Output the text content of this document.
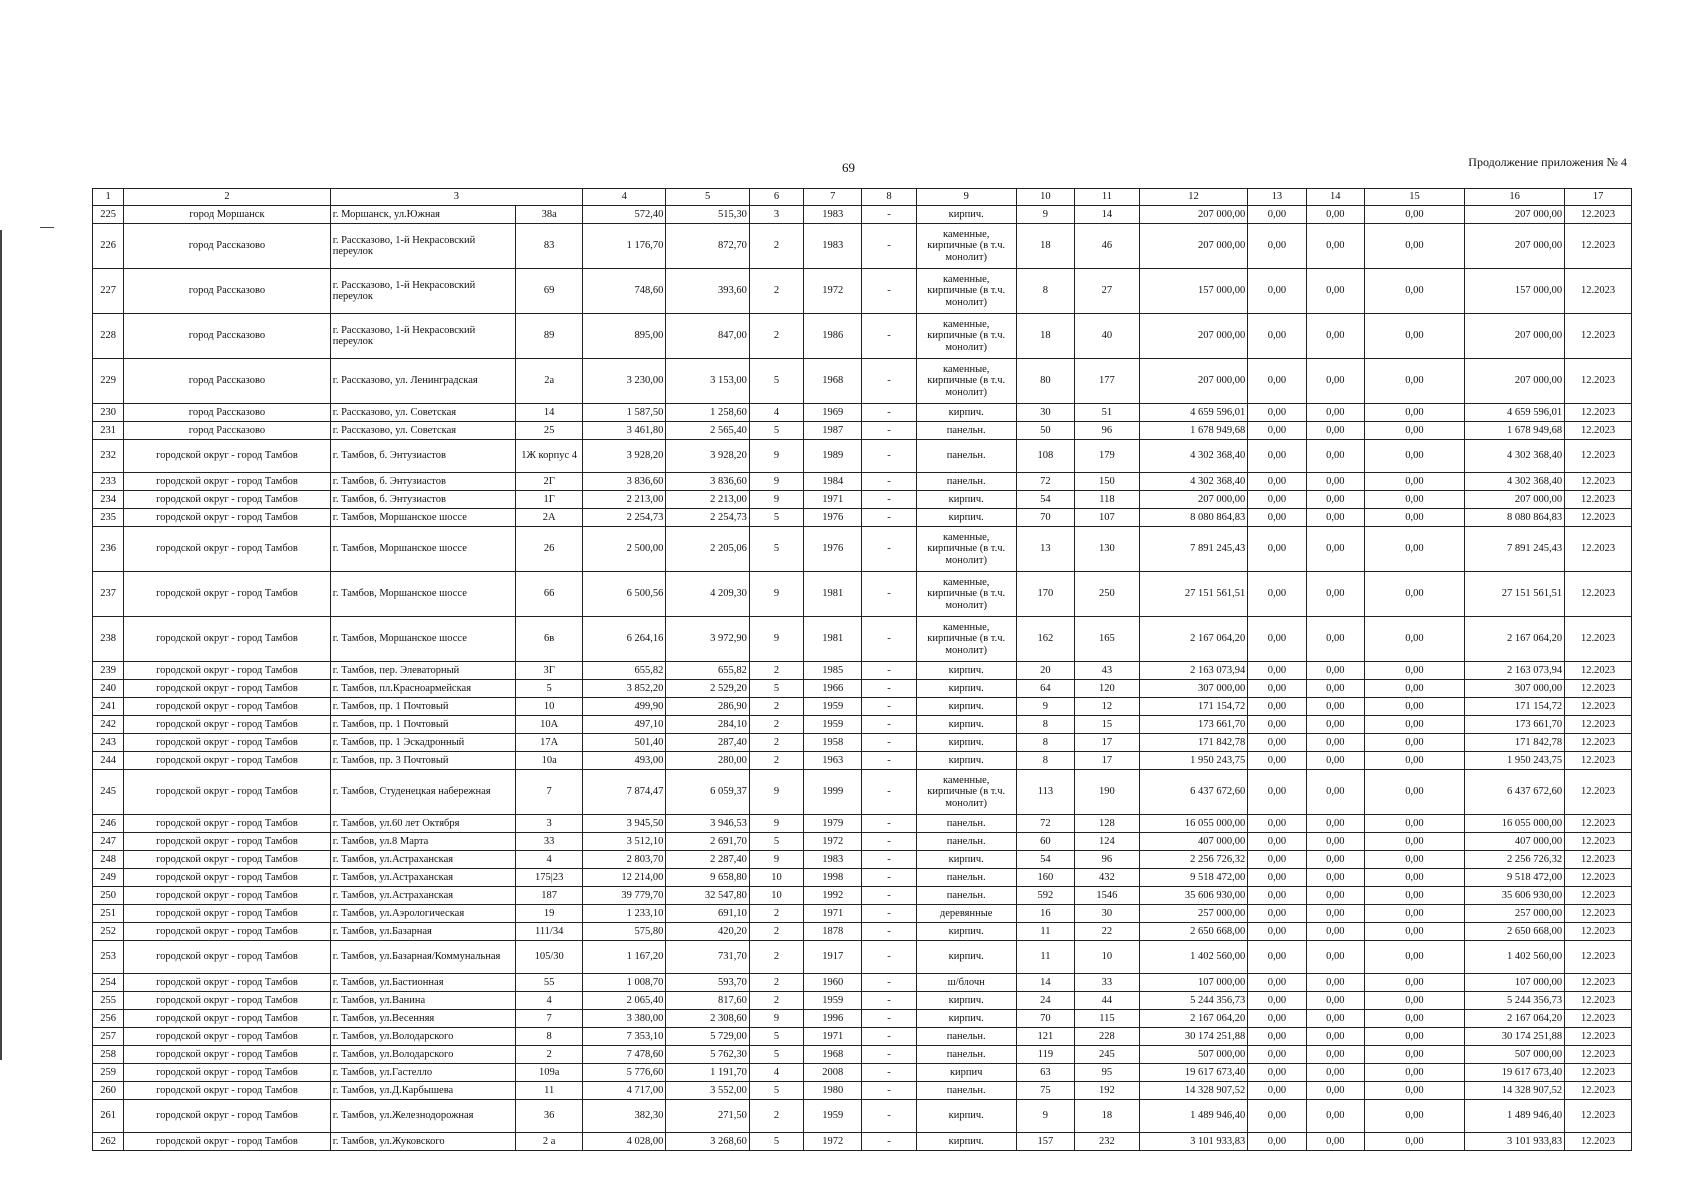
69	Продолжение приложения № 4
1	2	3		4	5	6	7	8	9	10	11	12	13	14	15	16	17
225	город Моршанск	г. Моршанск, ул.Южная	38а	572,40	515,30	3	1983	-	кирпич.	9	14	207 000,00	0,00	0,00	0,00	207 000,00	12.2023
226	город Рассказово	г. Рассказово, 1-й Некрасовский переулок	83	1 176,70	872,70	2	1983	-	каменные, кирпичные (в т.ч. монолит)	18	46	207 000,00	0,00	0,00	0,00	207 000,00	12.2023
227	город Рассказово	г. Рассказово, 1-й Некрасовский переулок	69	748,60	393,60	2	1972	-	каменные, кирпичные (в т.ч. монолит)	8	27	157 000,00	0,00	0,00	0,00	157 000,00	12.2023
228	город Рассказово	г. Рассказово, 1-й Некрасовский переулок	89	895,00	847,00	2	1986	-	каменные, кирпичные (в т.ч. монолит)	18	40	207 000,00	0,00	0,00	0,00	207 000,00	12.2023
229	город Рассказово	г. Рассказово, ул. Ленинградская	2а	3 230,00	3 153,00	5	1968	-	каменные, кирпичные (в т.ч. монолит)	80	177	207 000,00	0,00	0,00	0,00	207 000,00	12.2023
230	город Рассказово	г. Рассказово, ул. Советская	14	1 587,50	1 258,60	4	1969	-	кирпич.	30	51	4 659 596,01	0,00	0,00	0,00	4 659 596,01	12.2023
231	город Рассказово	г. Рассказово, ул. Советская	25	3 461,80	2 565,40	5	1987	-	панельн.	50	96	1 678 949,68	0,00	0,00	0,00	1 678 949,68	12.2023
232	городской округ - город Тамбов	г. Тамбов, б. Энтузиастов	1Ж корпус 4	3 928,20	3 928,20	9	1989	-	панельн.	108	179	4 302 368,40	0,00	0,00	0,00	4 302 368,40	12.2023
233	городской округ - город Тамбов	г. Тамбов, б. Энтузиастов	2Г	3 836,60	3 836,60	9	1984	-	панельн.	72	150	4 302 368,40	0,00	0,00	0,00	4 302 368,40	12.2023
234	городской округ - город Тамбов	г. Тамбов, б. Энтузиастов	1Г	2 213,00	2 213,00	9	1971	-	кирпич.	54	118	207 000,00	0,00	0,00	0,00	207 000,00	12.2023
235	городской округ - город Тамбов	г. Тамбов, Моршанское шоссе	2А	2 254,73	2 254,73	5	1976	-	кирпич.	70	107	8 080 864,83	0,00	0,00	0,00	8 080 864,83	12.2023
236	городской округ - город Тамбов	г. Тамбов, Моршанское шоссе	26	2 500,00	2 205,06	5	1976	-	каменные, кирпичные (в т.ч. монолит)	13	130	7 891 245,43	0,00	0,00	0,00	7 891 245,43	12.2023
237	городской округ - город Тамбов	г. Тамбов, Моршанское шоссе	66	6 500,56	4 209,30	9	1981	-	каменные, кирпичные (в т.ч. монолит)	170	250	27 151 561,51	0,00	0,00	0,00	27 151 561,51	12.2023
238	городской округ - город Тамбов	г. Тамбов, Моршанское шоссе	6в	6 264,16	3 972,90	9	1981	-	каменные, кирпичные (в т.ч. монолит)	162	165	2 167 064,20	0,00	0,00	0,00	2 167 064,20	12.2023
239	городской округ - город Тамбов	г. Тамбов, пер. Элеваторный	3Г	655,82	655,82	2	1985	-	кирпич.	20	43	2 163 073,94	0,00	0,00	0,00	2 163 073,94	12.2023
240	городской округ - город Тамбов	г. Тамбов, пл.Красноармейская	5	3 852,20	2 529,20	5	1966	-	кирпич.	64	120	307 000,00	0,00	0,00	0,00	307 000,00	12.2023
241	городской округ - город Тамбов	г. Тамбов, пр. 1 Почтовый	10	499,90	286,90	2	1959	-	кирпич.	9	12	171 154,72	0,00	0,00	0,00	171 154,72	12.2023
242	городской округ - город Тамбов	г. Тамбов, пр. 1 Почтовый	10А	497,10	284,10	2	1959	-	кирпич.	8	15	173 661,70	0,00	0,00	0,00	173 661,70	12.2023
243	городской округ - город Тамбов	г. Тамбов, пр. 1 Эскадронный	17А	501,40	287,40	2	1958	-	кирпич.	8	17	171 842,78	0,00	0,00	0,00	171 842,78	12.2023
244	городской округ - город Тамбов	г. Тамбов, пр. 3 Почтовый	10а	493,00	280,00	2	1963	-	кирпич.	8	17	1 950 243,75	0,00	0,00	0,00	1 950 243,75	12.2023
245	городской округ - город Тамбов	г. Тамбов, Студенецкая набережная	7	7 874,47	6 059,37	9	1999	-	каменные, кирпичные (в т.ч. монолит)	113	190	6 437 672,60	0,00	0,00	0,00	6 437 672,60	12.2023
246	городской округ - город Тамбов	г. Тамбов, ул.60 лет Октября	3	3 945,50	3 946,53	9	1979	-	панельн.	72	128	16 055 000,00	0,00	0,00	0,00	16 055 000,00	12.2023
247	городской округ - город Тамбов	г. Тамбов, ул.8 Марта	33	3 512,10	2 691,70	5	1972	-	панельн.	60	124	407 000,00	0,00	0,00	0,00	407 000,00	12.2023
248	городской округ - город Тамбов	г. Тамбов, ул.Астраханская	4	2 803,70	2 287,40	9	1983	-	кирпич.	54	96	2 256 726,32	0,00	0,00	0,00	2 256 726,32	12.2023
249	городской округ - город Тамбов	г. Тамбов, ул.Астраханская	175|23	12 214,00	9 658,80	10	1998	-	панельн.	160	432	9 518 472,00	0,00	0,00	0,00	9 518 472,00	12.2023
250	городской округ - город Тамбов	г. Тамбов, ул.Астраханская	187	39 779,70	32 547,80	10	1992	-	панельн.	592	1546	35 606 930,00	0,00	0,00	0,00	35 606 930,00	12.2023
251	городской округ - город Тамбов	г. Тамбов, ул.Аэрологическая	19	1 233,10	691,10	2	1971	-	деревянные	16	30	257 000,00	0,00	0,00	0,00	257 000,00	12.2023
252	городской округ - город Тамбов	г. Тамбов, ул.Базарная	111/34	575,80	420,20	2	1878	-	кирпич.	11	22	2 650 668,00	0,00	0,00	0,00	2 650 668,00	12.2023
253	городской округ - город Тамбов	г. Тамбов, ул.Базарная/Коммунальная	105/30	1 167,20	731,70	2	1917	-	кирпич.	11	10	1 402 560,00	0,00	0,00	0,00	1 402 560,00	12.2023
254	городской округ - город Тамбов	г. Тамбов, ул.Бастионная	55	1 008,70	593,70	2	1960	-	ш/блочн	14	33	107 000,00	0,00	0,00	0,00	107 000,00	12.2023
255	городской округ - город Тамбов	г. Тамбов, ул.Ванина	4	2 065,40	817,60	2	1959	-	кирпич.	24	44	5 244 356,73	0,00	0,00	0,00	5 244 356,73	12.2023
256	городской округ - город Тамбов	г. Тамбов, ул.Весенняя	7	3 380,00	2 308,60	9	1996	-	кирпич.	70	115	2 167 064,20	0,00	0,00	0,00	2 167 064,20	12.2023
257	городской округ - город Тамбов	г. Тамбов, ул.Володарского	8	7 353,10	5 729,00	5	1971	-	панельн.	121	228	30 174 251,88	0,00	0,00	0,00	30 174 251,88	12.2023
258	городской округ - город Тамбов	г. Тамбов, ул.Володарского	2	7 478,60	5 762,30	5	1968	-	панельн.	119	245	507 000,00	0,00	0,00	0,00	507 000,00	12.2023
259	городской округ - город Тамбов	г. Тамбов, ул.Гастелло	109а	5 776,60	1 191,70	4	2008	-	кирпич	63	95	19 617 673,40	0,00	0,00	0,00	19 617 673,40	12.2023
260	городской округ - город Тамбов	г. Тамбов, ул.Д.Карбышева	11	4 717,00	3 552,00	5	1980	-	панельн.	75	192	14 328 907,52	0,00	0,00	0,00	14 328 907,52	12.2023
261	городской округ - город Тамбов	г. Тамбов, ул.Железнодорожная	36	382,30	271,50	2	1959	-	кирпич.	9	18	1 489 946,40	0,00	0,00	0,00	1 489 946,40	12.2023
262	городской округ - город Тамбов	г. Тамбов, ул.Жуковского	2 а	4 028,00	3 268,60	5	1972	-	кирпич.	157	232	3 101 933,83	0,00	0,00	0,00	3 101 933,83	12.2023
